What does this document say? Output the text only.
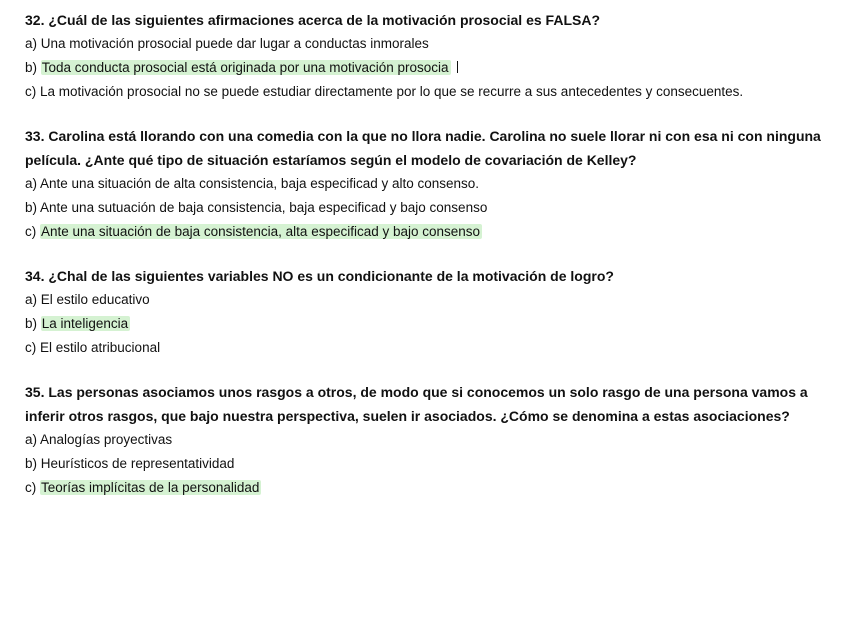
32. ¿Cuál de las siguientes afirmaciones acerca de la motivación prosocial es FALSA?
a) Una motivación prosocial puede dar lugar a conductas inmorales
b) Toda conducta prosocial está originada por una motivación prosocia
c) La motivación prosocial no se puede estudiar directamente por lo que se recurre a sus antecedentes y consecuentes.
33. Carolina está llorando con una comedia con la que no llora nadie. Carolina no suele llorar ni con esa ni con ninguna película. ¿Ante qué tipo de situación estaríamos según el modelo de covariación de Kelley?
a) Ante una situación de alta consistencia, baja especificad y alto consenso.
b) Ante una sutuación de baja consistencia, baja especificad y bajo consenso
c) Ante una situación de baja consistencia, alta especificad y bajo consenso
34. ¿Chal de las siguientes variables NO es un condicionante de la motivación de logro?
a) El estilo educativo
b) La inteligencia
c) El estilo atribucional
35. Las personas asociamos unos rasgos a otros, de modo que si conocemos un solo rasgo de una persona vamos a inferir otros rasgos, que bajo nuestra perspectiva, suelen ir asociados. ¿Cómo se denomina a estas asociaciones?
a) Analogías proyectivas
b) Heurísticos de representatividad
c) Teorías implícitas de la personalidad
